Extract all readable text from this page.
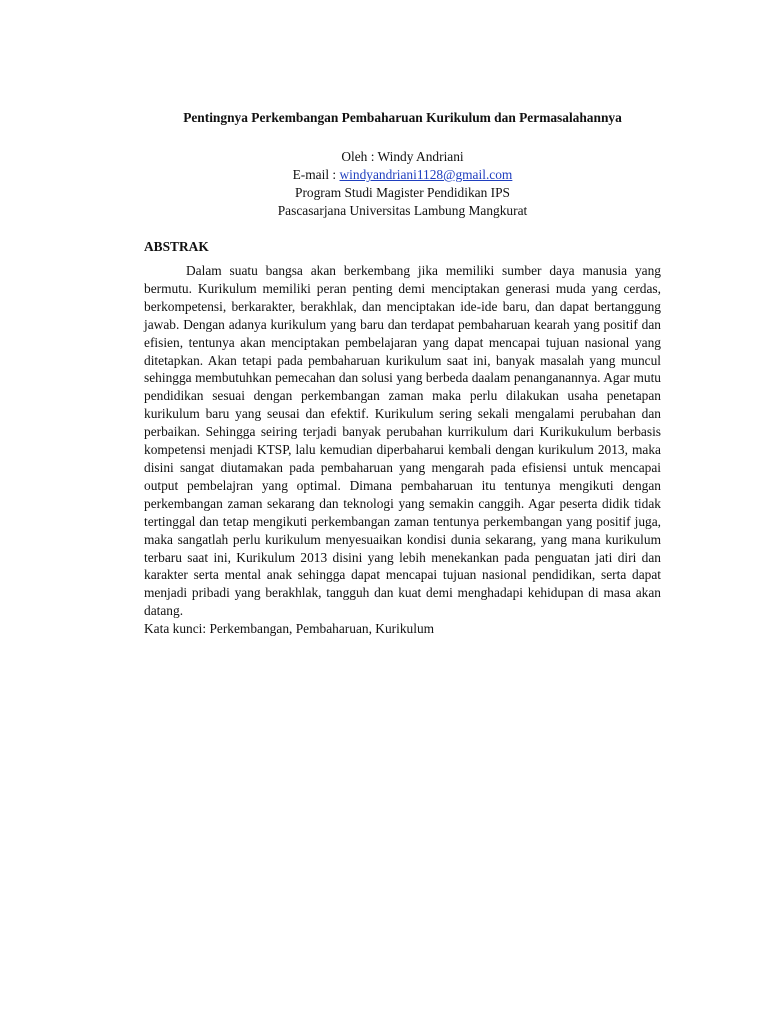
Pentingnya Perkembangan Pembaharuan Kurikulum dan Permasalahannya
Oleh : Windy Andriani
E-mail : windyandriani1128@gmail.com
Program Studi Magister Pendidikan IPS
Pascasarjana Universitas Lambung Mangkurat
ABSTRAK

Dalam suatu bangsa akan berkembang jika memiliki sumber daya manusia yang bermutu. Kurikulum memiliki peran penting demi menciptakan generasi muda yang cerdas, berkompetensi, berkarakter, berakhlak, dan menciptakan ide-ide baru, dan dapat bertanggung jawab. Dengan adanya kurikulum yang baru dan terdapat pembaharuan kearah yang positif dan efisien, tentunya akan menciptakan pembelajaran yang dapat mencapai tujuan nasional yang ditetapkan. Akan tetapi pada pembaharuan kurikulum saat ini, banyak masalah yang muncul sehingga membutuhkan pemecahan dan solusi yang berbeda daalam penanganannya. Agar mutu pendidikan sesuai dengan perkembangan zaman maka perlu dilakukan usaha penetapan kurikulum baru yang seusai dan efektif. Kurikulum sering sekali mengalami perubahan dan perbaikan. Sehingga seiring terjadi banyak perubahan kurrikulum dari Kurikukulum berbasis kompetensi menjadi KTSP, lalu kemudian diperbaharui kembali dengan kurikulum 2013, maka disini sangat diutamakan pada pembaharuan yang mengarah pada efisiensi untuk mencapai output pembelajran yang optimal. Dimana pembaharuan itu tentunya mengikuti dengan perkembangan zaman sekarang dan teknologi yang semakin canggih. Agar peserta didik tidak tertinggal dan tetap mengikuti perkembangan zaman tentunya perkembangan yang positif juga, maka sangatlah perlu kurikulum menyesuaikan kondisi dunia sekarang, yang mana kurikulum terbaru saat ini, Kurikulum 2013 disini yang lebih menekankan pada penguatan jati diri dan karakter serta mental anak sehingga dapat mencapai tujuan nasional pendidikan, serta dapat menjadi pribadi yang berakhlak, tangguh dan kuat demi menghadapi kehidupan di masa akan datang.

Kata kunci: Perkembangan, Pembaharuan, Kurikulum
